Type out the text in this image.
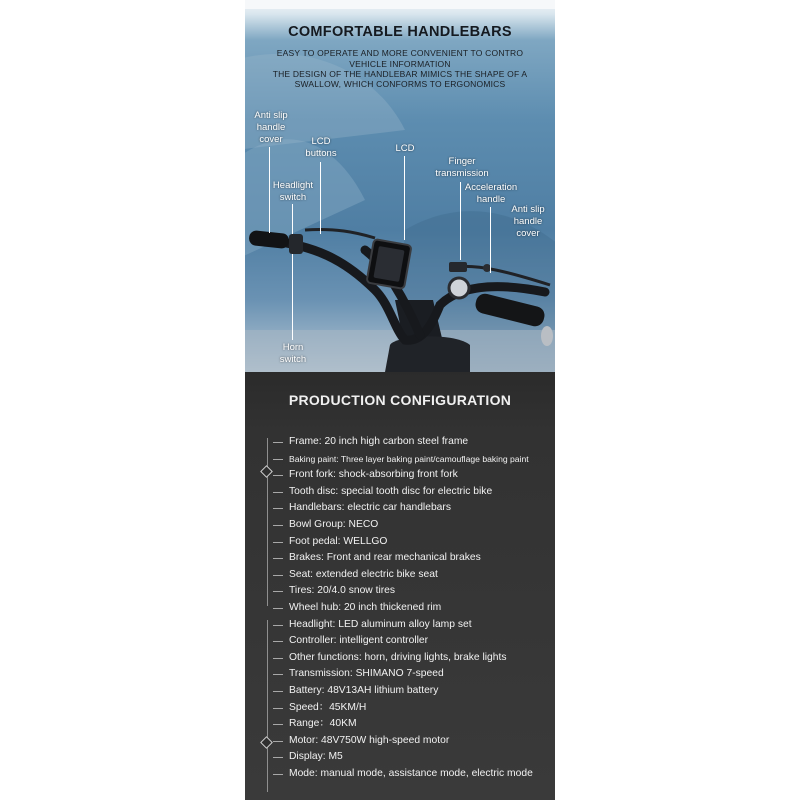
COMFORTABLE HANDLEBARS
EASY TO OPERATE AND MORE CONVENIENT TO CONTRO
VEHICLE INFORMATION
THE DESIGN OF THE HANDLEBAR MIMICS THE SHAPE OF A
SWALLOW, WHICH CONFORMS TO ERGONOMICS
Anti slip handle cover	LCD buttons	LCD
Finger transmission
Acceleration handle
Anti slip handle cover
Headlight switch
Horn switch
PRODUCTION CONFIGURATION
Frame: 20 inch high carbon steel frame
Baking paint: Three layer baking paint/camouflage baking paint
Front fork: shock-absorbing front fork
Tooth disc: special tooth disc for electric bike
Handlebars: electric car handlebars
Bowl Group: NECO
Foot pedal: WELLGO
Brakes: Front and rear mechanical brakes
Seat: extended electric bike seat
Tires: 20/4.0 snow tires
Wheel hub: 20 inch thickened rim
Headlight: LED aluminum alloy lamp set
Controller: intelligent controller
Other functions: horn, driving lights, brake lights
Transmission: SHIMANO 7-speed
Battery: 48V13AH lithium battery
Speed：45KM/H
Range：40KM
Motor: 48V750W high-speed motor
Display: M5
Mode: manual mode, assistance mode, electric mode
